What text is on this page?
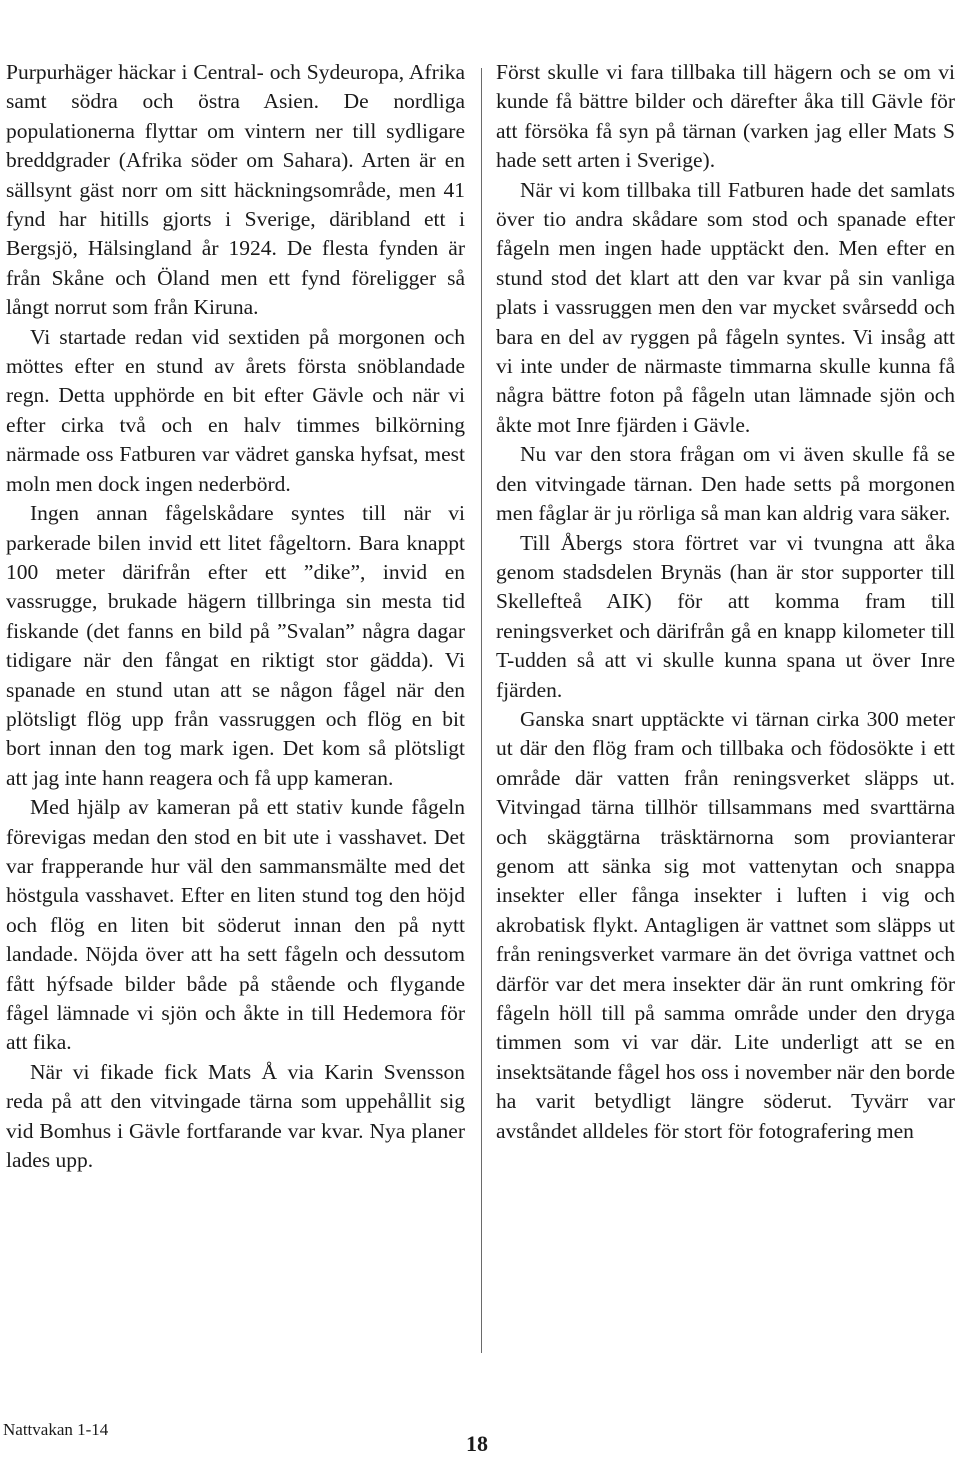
Purpurhäger häckar i Central- och Sydeuropa, Afrika samt södra och östra Asien. De nordliga populationerna flyttar om vintern ner till sydligare breddgrader (Afrika söder om Sahara). Arten är en sällsynt gäst norr om sitt häckningsområde, men 41 fynd har hitills gjorts i Sverige, däribland ett i Bergsjö, Hälsingland år 1924. De flesta fynden är från Skåne och Öland men ett fynd föreligger så långt norrut som från Kiruna.

Vi startade redan vid sextiden på morgonen och möttes efter en stund av årets första snöblandade regn. Detta upphörde en bit efter Gävle och när vi efter cirka två och en halv timmes bilkörning närmade oss Fatburen var vädret ganska hyfsat, mest moln men dock ingen nederbörd.

Ingen annan fågelskådare syntes till när vi parkerade bilen invid ett litet fågeltorn. Bara knappt 100 meter därifrån efter ett ”dike”, invid en vassrugge, brukade hägern tillbringa sin mesta tid fiskande (det fanns en bild på ”Svalan” några dagar tidigare när den fångat en riktigt stor gädda). Vi spanade en stund utan att se någon fågel när den plötsligt flög upp från vassruggen och flög en bit bort innan den tog mark igen. Det kom så plötsligt att jag inte hann reagera och få upp kameran.

Med hjälp av kameran på ett stativ kunde fågeln förevigas medan den stod en bit ute i vasshavet. Det var frapperande hur väl den sammansmälte med det höstgula vasshavet. Efter en liten stund tog den höjd och flög en liten bit söderut innan den på nytt landade. Nöjda över att ha sett fågeln och dessutom fått hýfsade bilder både på stående och flygande fågel lämnade vi sjön och åkte in till Hedemora för att fika.

När vi fikade fick Mats Å via Karin Svensson reda på att den vitvingade tärna som uppehållit sig vid Bomhus i Gävle fortfarande var kvar. Nya planer lades upp.

Först skulle vi fara tillbaka till hägern och se om vi kunde få bättre bilder och därefter åka till Gävle för att försöka få syn på tärnan (varken jag eller Mats S hade sett arten i Sverige).

När vi kom tillbaka till Fatburen hade det samlats över tio andra skådare som stod och spanade efter fågeln men ingen hade upptäckt den. Men efter en stund stod det klart att den var kvar på sin vanliga plats i vassruggen men den var mycket svårsedd och bara en del av ryggen på fågeln syntes. Vi insåg att vi inte under de närmaste timmarna skulle kunna få några bättre foton på fågeln utan lämnade sjön och åkte mot Inre fjärden i Gävle.

Nu var den stora frågan om vi även skulle få se den vitvingade tärnan. Den hade setts på morgonen men fåglar är ju rörliga så man kan aldrig vara säker.

Till Åbergs stora förtret var vi tvungna att åka genom stadsdelen Brynäs (han är stor supporter till Skellefteå AIK) för att komma fram till reningsverket och därifrån gå en knapp kilometer till T-udden så att vi skulle kunna spana ut över Inre fjärden.

Ganska snart upptäckte vi tärnan cirka 300 meter ut där den flög fram och tillbaka och födosökte i ett område där vatten från reningsverket släpps ut. Vitvingad tärna tillhör tillsammans med svarttärna och skäggtärna träsktärnorna som provianterar genom att sänka sig mot vattenytan och snappa insekter eller fånga insekter i luften i vig och akrobatisk flykt. Antagligen är vattnet som släpps ut från reningsverket varmare än det övriga vattnet och därför var det mera insekter där än runt omkring för fågeln höll till på samma område under den dryga timmen som vi var där. Lite underligt att se en insektsätande fågel hos oss i november när den borde ha varit betydligt längre söderut. Tyvärr var avståndet alldeles för stort för fotografering men

Nattvakan 1-14
18
